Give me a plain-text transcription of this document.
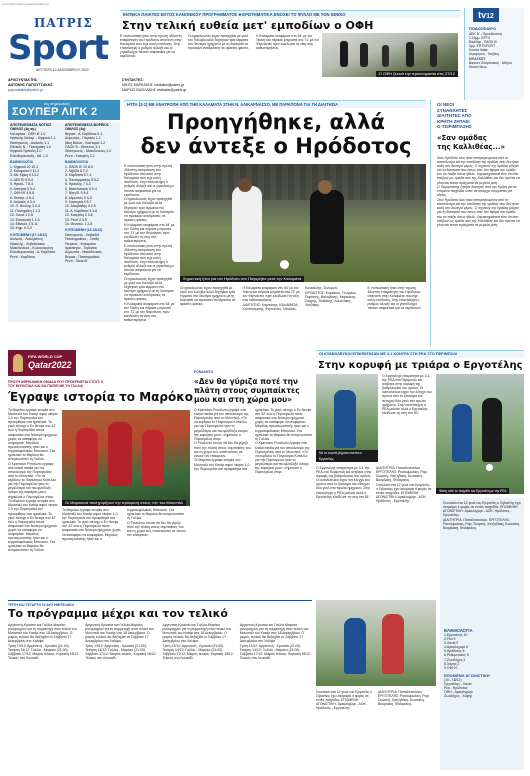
peninsularmilitarysweatintepatris.gr
ΠΑΤΡΙΣ
Sport
ΔΕΥΤΕΡΑ 12 ΔΕΚΕΜΒΡΙΟΥ 2022
ΑΡΧΙΣΥΝΤΑΚΤΗΣ:
ΑΝΤΩΝΗΣ ΠΑΠΟΥΤΣΑΚΗΣ
papoutsakis@patris.gr
ΣΥΝΤΑΚΤΕΣ:
ΝΙΚΟΣ ΜΑΡΚΑΚΗΣ markakis@patris.gr
ΜΑΡΙΟΣ ΒΑΣΙΛΑΚΗΣ vasilakis@patris.gr
ΕΝΤΕΚΑ ΠΑΙΚΤΕΣ ΕΚΤΟΣ ΚΑΝΟΝΙΚΟΥ ΠΡΟΓΡΑΜΜΑΤΟΣ ■ ΕΡΩΤΗΜΑΤΙΚΑ ΕΝΟΧΕΙ ΤΟ ΦΥΛΛΟ ΜΕ ΤΟΝ ΙΩΝΙΚΟ
Στην τελική ευθεία μετ' εμποδίων ο ΟΦΗ

Ε ντυπωσιακή ήταν στην πρώτη 45λεπτη επικράτηση του Ηρόδοτου απέναντι στην Καλαμάτα που είχε καλή απόδοση. Στην επανάληψη ο ρυθμός άλλαξε και οι γηπεδούχοι πίεσαν ασφυκτικά για να κερδίσουν.

Οι ηρακλειώτες είχαν προηγηθεί με γκολ του Καλύβα αλλά δέχτηκαν τρία τέρματα στο δεύτερο ημίχρονο με τη διαιτησία να προκαλεί αντιδράσεις σε αρκετές φάσεις.

Η Καλαμάτα ισοφάρισε στο 54' με τον Τεκίνη και πέρασε μπροστά στο 71' με τον Φερνάντες πριν κλειδώσει τη νίκη στις καθυστερήσεις.

Ο ΟΦΗ ξεκινά την προετοιμασία στις 27/12
tv12
ΠΟΔΟΣΦΑΙΡΟ
ΑΕΚ Β' - Προοδευτική
3.15μμ. ΕΡΤ3
Βαρδάρ - ΠΑΟΚ Β'
3μμ. ERTSPORT
Κούπα Italia:
Ατρομητος - Κοζάνη
ΜΠΑΣΚΕΤ
Βασκετ Ολυμπιακός - Αθήνα
Νολαν Μωκ
Δη σημειωτική
ΣΟΥΠΕΡ ΛΙΓΚ 2
ΑΠΟΤΕΛΕΣΜΑΤΑ ΝΟΤΙΟΣ ΟΜΙΛΟΣ (4η αγ.)
Καλαμάτα - ΟΦΗ Β' 1-0
Ηρακλής Καλαμ. - Κηφισιά 1-1
Θεσπρωτός - Αιολικός 1-1
Εθνικός Ν. - Παναχαϊκή 1-0
Κηφισιά-Τριπολη 3-0
Ελευθερουπολη - Αθ. 1-0
ΒΑΘΜΟΛΟΓΙΑ
1. Κηφισιά 10 10-1
2. Καλαμάτα 9 12-4
3. Αθ. Κίρκη 8 13-2
4. ΑΕΚ Β' 8 8-4
5. Ηρακλ. 7 5-4
6. Αστέρας 5 5-4
7. ΟΦΗ Β' 4 5-8
8. Θεσπρ. 4 5-4
9. Αιολικός 4 3-4
10. Π. Βουλής 3 4-3
11. Παναχαϊκή 1 1-3
12. Χανιά 1 2-6
13. Επισκοπή 1 1-5
14. Εθνικός 1 5-11
15. Κηφ. 0 3-3
Η ΕΠΟΜΕΝΗ (17-18/12)
Αιολικός - Λυκογιάννη
Ηρακλής - Λεβαδειακός
Μακεδονικός - Κολοκοτρώνη
Ελευθερουπολη - Α. Καρδίτσα
Ρεντί - Καρδίτσα
ΑΠΟΤΕΛΕΣΜΑΤΑ ΒΟΡΕΙΟΣ ΟΜΙΛΟΣ (4η)
Βέροια - Α. Καρδίτσα 0-1
Αλμωπός - Πιερικός 1-1
Νίκη Βόλου - Καστοριά 1-2
ΠΑΟΚ Β - Θέστλιας 3-1
Θεσπρωτός - Μακεδονικός 1-0
Ρεντί - Κατερίνη 2-1
ΒΑΘΜΟΛΟΓΙΑ
1. ΠΑΟΚ Β' 10 8-3
2. Λεβ/δα 8 7-2
3. Καρδίτσα 8 7-4
4. Πανσερραϊκός 8 5-2
5. Ηρακλής 7 3-3
6. Μακεδονικός 5 5-4
7. Νίκη Β. 5 5-4
8. Αλμωπός 5 4-3
9. Καστοριά 4 5-7
10. Αλκιβιάδης 4 4-5
11. Α. Καρδίτσα 3 4-6
12. Κατερίνη 2 3-6
13. Ρεντί 2 3-5
14. Θεσσαλ. 1 2-6
Η ΕΠΟΜΕΝΗ (16-18/12)
Θεσπρωτός - Λειβαδιά
Πανσερραϊκός - Ξάνθη
Πιερικός - Καλαμάτα
Ιεράπετρα - Τορόνκαι
Αλμωπός - Μακεδονικός
Βέροια - Πανσερραϊκός
Ρεντί - Παοκ Β'
ΗΤΤΑ (3-1) ΜΕ ΑΝΑΤΡΟΠΗ ΑΠΟ ΤΗΝ ΚΑΛΑΜΑΤΑ ΣΤΗΝ Ν. ΑΛΙΚΑΡΝΑΣΣΟ, ΜΕ ΠΑΡΑΠΟΝΑ ΓΙΑ ΤΗ ΔΙΑΙΤΗΣΙΑ
Προηγήθηκε, αλλά
δεν άντεξε ο Ηρόδοτος

Ε ντυπωσιακή ήταν στην πρώτη 45λεπτη επικράτηση του Ηρόδοτου απέναντι στην Καλαμάτα που είχε καλή απόδοση. Στην επανάληψη ο ρυθμός άλλαξε και οι γηπεδούχοι πίεσαν ασφυκτικά για να κερδίσουν.

Οι ηρακλειώτες είχαν προηγηθεί με γκολ του Καλύβα αλλά δέχτηκαν τρία τέρματα στο δεύτερο ημίχρονο με τη διαιτησία να προκαλεί αντιδράσεις σε αρκετές φάσεις.

Η Καλαμάτα ισοφάρισε στο 54' με τον Τεκίνη και πέρασε μπροστά στο 71' με τον Φερνάντες πριν κλειδώσει τη νίκη στις καθυστερήσεις.

Ε ντυπωσιακή ήταν στην πρώτη 45λεπτη επικράτηση του Ηρόδοτου απέναντι στην Καλαμάτα που είχε καλή απόδοση. Στην επανάληψη ο ρυθμός άλλαξε και οι γηπεδούχοι πίεσαν ασφυκτικά για να κερδίσουν.

Οι ηρακλειώτες είχαν προηγηθεί με γκολ του Καλύβα αλλά δέχτηκαν τρία τέρματα στο δεύτερο ημίχρονο με τη διαιτησία να προκαλεί αντιδράσεις σε αρκετές φάσεις.

Η Καλαμάτα ισοφάρισε στο 54' με τον Τεκίνη και πέρασε μπροστά στο 71' με τον Φερνάντες πριν κλειδώσει τη νίκη στις καθυστερήσεις.

Σημαντική ήττα για τον Ηρόδοτο στο Παγκρήτιο μετά την Καλαμάτα

Οι ηρακλειώτες είχαν προηγηθεί με γκολ του Καλύβα αλλά δέχτηκαν τρία τέρματα στο δεύτερο ημίχρονο με τη διαιτησία να προκαλεί αντιδράσεις σε αρκετές φάσεις.

Η Καλαμάτα ισοφάρισε στο 54' με τον Τεκίνη και πέρασε μπροστά στο 71' με τον Φερνάντες πριν κλειδώσει τη νίκη στις καθυστερήσεις.

ΔΙΑΙΤΗΤΗΣ: Καμπάκης. ΚΑΛΑΜΑΤΑ: Κουτσουμπής, Φερνάντες, Ντούλας, Κουκούλης, Σολομών.

ΗΡΟΔΟΤΟΣ: Κυριάκου, Γεωργίου, Παρίτσης, Βαλαβάνης, Μαρκάκης, Σαρρής, Σταθάκης, Κουκλάκης, Χατζάκης.

Ε ντυπωσιακή ήταν στην πρώτη 45λεπτη επικράτηση του Ηρόδοτου απέναντι στην Καλαμάτα που είχε καλή απόδοση. Στην επανάληψη ο ρυθμός άλλαξε και οι γηπεδούχοι πίεσαν ασφυκτικά για να κερδίσουν.

ΟΙ ΝΕΟΙ
ΣΥΝΑΘΛΗΤΕΣ
ΔΙΑΙΤΗΤΕΣ ΑΠΟ
ΚΡΗΤΗ ΖΗΤΑΕΙ
Ο ΤΣΙΡΙΜΠΑΣΗΣ
«Σαν ομάδας
της Καλλιθέας...»

Στον Ηρόδοτο ολοι ήταν απογοητευμένοι από το αποτέλεσμα και την απόδοση της ομάδας που δεν ήταν καλή στο δεύτερο μέρος. Ο τεχνικός της ομάδας μίλησε για τη διαιτησία που όπως είπε δεν άφησε την ομάδα του να παίξει όπως ήθελε. Χαρακτηριστικά είπε ότι έτσι παίζουν ως ομάδα σαν της Καλλιθέας και δεν πρέπει να γίνονται τέτοια πράγματα σε μεγάλα ματς.

Ο Τσιριμπάσης ζήτησε διαιτητές από την Κρήτη για τα επόμενα παιχνίδια ώστε να υπάρχει ισορροπία για όλους.

Στον Ηρόδοτο ολοι ήταν απογοητευμένοι από το αποτέλεσμα και την απόδοση της ομάδας που δεν ήταν καλή στο δεύτερο μέρος. Ο τεχνικός της ομάδας μίλησε για τη διαιτησία που όπως είπε δεν άφησε την ομάδα του να παίξει όπως ήθελε. Χαρακτηριστικά είπε ότι έτσι παίζουν ως ομάδα σαν της Καλλιθέας και δεν πρέπει να γίνονται τέτοια πράγματα σε μεγάλα ματς.

FIFA WORLD CUP
Qatar2022
ΠΡΩΤΗ ΑΦΡΙΚΑΝΙΚΗ ΟΜΑΔΑ ΠΟΥ ΠΡΟΚΡΙΝΕΤΑΙ ΣΤΟΥΣ 4
ΤΟΥ ΜΟΥΝΤΙΑΛ ΚΑΙ ΘΑ ΠΑΙΞΕΙ ΜΕ ΤΗ ΓΑΛΛΙΑ
Έγραψε ιστορία το Μαρόκο

Το Μαρόκο έγραψε ιστορία στο Μουντιάλ του Κατάρ αφού νίκησε 1-0 την Πορτογαλία και προκρίθηκε στα ημιτελικά. Το γκολ πέτυχε ο Εν Νεσίρι στο 42' ενώ η Πορτογαλία πίεσε ασφυκτικά στο δεύτερο ημίχρονο χωρίς να καταφέρει να ισοφαρίσει. Μεγάλος πρωταγωνιστής ήταν και ο τερματοφύλακας Μπουνού. Στα ημιτελικά το Μαρόκο θα αντιμετωπίσει τη Γαλλία.

Ο Κριστιάνο Ρονάλντο έγραψε στα social media για τον αποκλεισμό της Πορτογαλίας από το Μουντιάλ. «Το να κερδίσω το Παγκόσμιο Κύπελλο για την Πορτογαλία ήταν το μεγαλύτερο και πιο φιλόδοξο όνειρο της καριέρας μου», σημείωσε ο Πορτογάλος σταρ.

Το Μαρόκο έγραψε ιστορία στο Μουντιάλ του Κατάρ αφού νίκησε 1-0 την Πορτογαλία και προκρίθηκε στα ημιτελικά. Το γκολ πέτυχε ο Εν Νεσίρι στο 42' ενώ η Πορτογαλία πίεσε ασφυκτικά στο δεύτερο ημίχρονο χωρίς να καταφέρει να ισοφαρίσει. Μεγάλος πρωταγωνιστής ήταν και ο τερματοφύλακας Μπουνού. Στα ημιτελικά το Μαρόκο θα αντιμετωπίσει τη Γαλλία.

Οι Μαροκινοί πανηγυρίζουν την πρόκριση στους «4» του Μουντιάλ

Το Μαρόκο έγραψε ιστορία στο Μουντιάλ του Κατάρ αφού νίκησε 1-0 την Πορτογαλία και προκρίθηκε στα ημιτελικά. Το γκολ πέτυχε ο Εν Νεσίρι στο 42' ενώ η Πορτογαλία πίεσε ασφυκτικά στο δεύτερο ημίχρονο χωρίς να καταφέρει να ισοφαρίσει. Μεγάλος πρωταγωνιστής ήταν και ο τερματοφύλακας Μπουνού. Στα ημιτελικά το Μαρόκο θα αντιμετωπίσει τη Γαλλία.

Ο Ρονάλντο τόνισε ότι δεν θα γύριζε ποτέ την πλάτη στους συμπαίκτες του και τη χώρα του, απαντώντας σε όσους τον επέκριναν.

ΡΟΝΑΛΝΤΟ
«Δεν θα γύριζα ποτέ την πλάτη στους συμπαίκτες μου και στη χώρα μου»

Ο Κριστιάνο Ρονάλντο έγραψε στα social media για τον αποκλεισμό της Πορτογαλίας από το Μουντιάλ. «Το να κερδίσω το Παγκόσμιο Κύπελλο για την Πορτογαλία ήταν το μεγαλύτερο και πιο φιλόδοξο όνειρο της καριέρας μου», σημείωσε ο Πορτογάλος σταρ.

Ο Ρονάλντο τόνισε ότι δεν θα γύριζε ποτέ την πλάτη στους συμπαίκτες του και τη χώρα του, απαντώντας σε όσους τον επέκριναν.

Το Μαρόκο έγραψε ιστορία στο Μουντιάλ του Κατάρ αφού νίκησε 1-0 την Πορτογαλία και προκρίθηκε στα ημιτελικά. Το γκολ πέτυχε ο Εν Νεσίρι στο 42' ενώ η Πορτογαλία πίεσε ασφυκτικά στο δεύτερο ημίχρονο χωρίς να καταφέρει να ισοφαρίσει. Μεγάλος πρωταγωνιστής ήταν και ο τερματοφύλακας Μπουνού. Στα ημιτελικά το Μαρόκο θα αντιμετωπίσει τη Γαλλία.

Ο Κριστιάνο Ρονάλντο έγραψε στα social media για τον αποκλεισμό της Πορτογαλίας από το Μουντιάλ. «Το να κερδίσω το Παγκόσμιο Κύπελλο για την Πορτογαλία ήταν το μεγαλύτερο και πιο φιλόδοξο όνειρο της καριέρας μου», σημείωσε ο Πορτογάλος σταρ.

ΤΡΙΤΗ ΚΑΙ ΤΕΤΑΡΤΗ ΟΙ ΔΥΟ ΗΜΙΤΕΛΙΚΟΙ
Το πρόγραμμα μέχρι και τον τελικό

Αργεντινή-Κροατία και Γαλλία-Μαρόκο μονομαχούν για τη συμμετοχή στον τελικό του Μουντιάλ του Κατάρ στις 18 Δεκεμβρίου. Ο μικρός τελικός θα διεξαχθεί το Σάββατο 17 Δεκεμβρίου στο Χαλίφα.

Τρίτη 13/12: Αργεντινή - Κροατία (21:00). Τετάρτη 14/12: Γαλλία - Μαρόκο (21:00). Σάββατο 17/12: Μικρός τελικός. Κυριακή 18/12: Τελικός στο Λουσαΐλ.

Αργεντινή-Κροατία και Γαλλία-Μαρόκο μονομαχούν για τη συμμετοχή στον τελικό του Μουντιάλ του Κατάρ στις 18 Δεκεμβρίου. Ο μικρός τελικός θα διεξαχθεί το Σάββατο 17 Δεκεμβρίου στο Χαλίφα.

Τρίτη 13/12: Αργεντινή - Κροατία (21:00). Τετάρτη 14/12: Γαλλία - Μαρόκο (21:00). Σάββατο 17/12: Μικρός τελικός. Κυριακή 18/12: Τελικός στο Λουσαΐλ.

Αργεντινή-Κροατία και Γαλλία-Μαρόκο μονομαχούν για τη συμμετοχή στον τελικό του Μουντιάλ του Κατάρ στις 18 Δεκεμβρίου. Ο μικρός τελικός θα διεξαχθεί το Σάββατο 17 Δεκεμβρίου στο Χαλίφα.

Τρίτη 13/12: Αργεντινή - Κροατία (21:00). Τετάρτη 14/12: Γαλλία - Μαρόκο (21:00). Σάββατο 17/12: Μικρός τελικός. Κυριακή 18/12: Τελικός στο Λουσαΐλ.

Αργεντινή-Κροατία και Γαλλία-Μαρόκο μονομαχούν για τη συμμετοχή στον τελικό του Μουντιάλ του Κατάρ στις 18 Δεκεμβρίου. Ο μικρός τελικός θα διεξαχθεί το Σάββατο 17 Δεκεμβρίου στο Χαλίφα.

Τρίτη 13/12: Αργεντινή - Κροατία (21:00). Τετάρτη 14/12: Γαλλία - Μαρόκο (21:00). Σάββατο 17/12: Μικρός τελικός. Κυριακή 18/12: Τελικός στο Λουσαΐλ.

ΟΙ ΚΥΑΝΟΛΕΥΚΟΙ ΕΠΙΚΡΑΤΗΣΑΝ ΜΕ 3-1 ΚΟΝΤΡΑ ΣΤΗ ΡΕΑ ΣΤΟ ΠΕΡΙΜΠΟΛΙ
Στην κορυφή με τριάρα ο Εργοτέλης
Με τα σωστά βήματα κινείται ο Εργοτέλης

Ο Εργοτέλης επικράτησε με 3-1 της ΡΕΑ στο Περιμπόλι και ανέβηκε στην κορυφή της βαθμολογίας του ομίλου. Οι κυανόλευκοι είχαν τον έλεγχο του αγώνα από το ξεκίνημα και πέτυχαν δύο γκολ στο πρώτο ημίχρονο. Στην επανάληψη η ΡΕΑ μείωσε αλλά ο Εργοτέλης κλείδωσε τη νίκη στο 81'.

Φάση από το παιχνίδι του Εργοτέλη με την ΡΕΑ

Ο Εργοτέλης επικράτησε με 3-1 της ΡΕΑ στο Περιμπόλι και ανέβηκε στην κορυφή της βαθμολογίας του ομίλου. Οι κυανόλευκοι είχαν τον έλεγχο του αγώνα από το ξεκίνημα και πέτυχαν δύο γκολ στο πρώτο ημίχρονο. Στην επανάληψη η ΡΕΑ μείωσε αλλά ο Εργοτέλης κλείδωσε τη νίκη στο 81'.

ΔΙΑΙΤΗΤΡΙΑ: Παπαδοπούλου. ΕΡΓΟΤΕΛΗΣ: Ρικσουμαλικη, Ραρ, Σκορινή, Χατζηδάκη, Κωστάκη, Βουρλάκη, Φαλαράκη.

Συνολικά στα 12 γκολ του Εργοτέλη ο Σιβασλής έχει σκοράρει 4 φορές σε εννέα παιχνίδια. ΕΠΟΜΕΝΗ ΑΓΩΝΙΣΤΙΚΗ: Αρκαλοχώρι - ΑΟΚ, Ηρόδοτος - Εργοτέλης.

Συνολικά στα 12 γκολ του Εργοτέλη ο Σιβασλής έχει σκοράρει 4 φορές σε εννέα παιχνίδια. ΕΠΟΜΕΝΗ ΑΓΩΝΙΣΤΙΚΗ: Αρκαλοχώρι - ΑΟΚ, Ηρόδοτος - Εργοτέλης.

ΔΙΑΙΤΗΤΡΙΑ: Παπαδοπούλου. ΕΡΓΟΤΕΛΗΣ: Ρικσουμαλικη, Ραρ, Σκορινή, Χατζηδάκη, Κωστάκη, Βουρλάκη, Φαλαράκη.

Συνολικά στα 12 γκολ του Εργοτέλη ο Σιβασλής έχει σκοράρει 4 φορές σε εννέα παιχνίδια. ΕΠΟΜΕΝΗ ΑΓΩΝΙΣΤΙΚΗ: Αρκαλοχώρι - ΑΟΚ, Ηρόδοτος - Εργοτέλης.

ΔΙΑΙΤΗΤΡΙΑ: Παπαδοπούλου. ΕΡΓΟΤΕΛΗΣ: Ρικσουμαλικη, Ραρ, Σκορινή, Χατζηδάκη, Κωστάκη, Βουρλάκη, Φαλαράκη.

ΒΑΘΜΟΛΟΓΙΑ
1.Εργοτέλης 10
2.Ρέα 9
3.Χανιά 9
4.Αρκαλοχώρι 8
5.Ηρόδοτος 6
6.Ρεθυμνιακός 5
7.Ζωοδόχος 3
8.Χάρης 2
9.ΟΦΗ 0
ΕΠΟΜΕΝΗ ΑΓΩΝΙΣΤΙΚΗ
(16 - 18/12)
Εργοτέλης - Χανιά
Ρέα - Ηρόδοτος
ΟΦΗ - Αρκαλοχώρι
Ζωοδόχος - Χάρης
12
